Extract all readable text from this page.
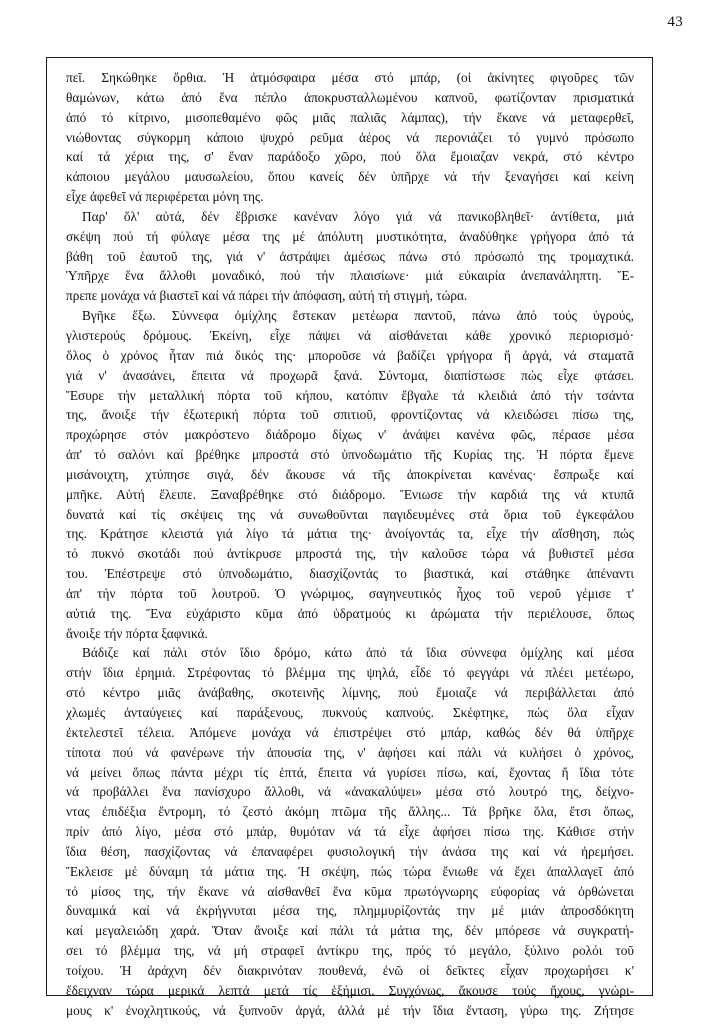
43
πεῖ. Σηκώθηκε ὄρθια. Ἡ ἀτμόσφαιρα μέσα στό μπάρ, (οἱ ἀκίνητες φιγοῦρες τῶν
θαμώνων, κάτω ἀπό ἕνα πέπλο ἀποκρυσταλλωμένου καπνοῦ, φωτίζονταν πρισματικά
ἀπό τό κίτρινο, μισοπεθαμένο φῶς μιᾶς παλιᾶς λάμπας), τήν ἔκανε νά μεταφερθεῖ,
νιώθοντας σύγκορμη κάποιο ψυχρό ρεῦμα ἀέρος νά περονιάζει τό γυμνό πρόσωπο
καί τά χέρια της, σ' ἕναν παράδοξο χῶρο, πού ὅλα ἔμοιαζαν νεκρά, στό κέντρο
κάποιου μεγάλου μαυσωλείου, ὅπου κανείς δέν ὑπῆρχε νά τήν ξεναγήσει καί κείνη
εἶχε ἀφεθεῖ νά περιφέρεται μόνη της.
Παρ' ὅλ' αὐτά, δέν ἔβρισκε κανέναν λόγο γιά νά πανικοβληθεῖ· ἀντίθετα, μιά
σκέψη πού τή φύλαγε μέσα της μέ ἀπόλυτη μυστικότητα, ἀναδύθηκε γρήγορα ἀπό τά
βάθη τοῦ ἑαυτοῦ της, γιά ν' ἀστράψει ἀμέσως πάνω στό πρόσωπό της τρομαχτικά.
Ὑπῆρχε ἕνα ἄλλοθι μοναδικό, πού τήν πλαισίωνε· μιά εὐκαιρία ἀνεπανάληπτη. Ἔ-
πρεπε μονάχα νά βιαστεῖ καί νά πάρει τήν ἀπόφαση, αὐτή τή στιγμή, τώρα.
Βγῆκε ἔξω. Σύννεφα ὀμίχλης ἔστεκαν μετέωρα παντοῦ, πάνω ἀπό τούς ὑγρούς,
γλιστερούς δρόμους. Ἐκείνη, εἶχε πάψει νά αἰσθάνεται κάθε χρονικό περιορισμό·
ὅλος ὁ χρόνος ἦταν πιά δικός της· μποροῦσε νά βαδίζει γρήγορα ἤ ἀργά, νά σταματᾶ
γιά ν' ἀνασάνει, ἔπειτα νά προχωρᾶ ξανά. Σύντομα, διαπίστωσε πώς εἶχε φτάσει.
Ἔσυρε τήν μεταλλική πόρτα τοῦ κήπου, κατόπιν ἔβγαλε τά κλειδιά ἀπό τήν τσάντα
της, ἄνοιξε τήν ἐξωτερική πόρτα τοῦ σπιτιοῦ, φροντίζοντας νά κλειδώσει πίσω της,
προχώρησε στόν μακρόστενο διάδρομο δίχως ν' ἀνάψει κανένα φῶς, πέρασε μέσα
ἀπ' τό σαλόνι καί βρέθηκε μπροστά στό ὑπνοδωμάτιο τῆς Κυρίας της. Ἡ πόρτα ἔμενε
μισάνοιχτη, χτύπησε σιγά, δέν ἄκουσε νά τῆς ἀποκρίνεται κανένας· ἔσπρωξε καί
μπῆκε. Αὐτή ἔλειπε. Ξαναβρέθηκε στό διάδρομο. Ἔνιωσε τήν καρδιά της νά κτυπᾶ
δυνατά καί τίς σκέψεις της νά συνωθοῦνται παγιδευμένες στά ὅρια τοῦ ἐγκεφάλου
της. Κράτησε κλειστά γιά λίγο τά μάτια της· ἀνοίγοντάς τα, εἶχε τήν αἴσθηση, πώς
τό πυκνό σκοτάδι πού ἀντίκρυσε μπροστά της, τήν καλοῦσε τώρα νά βυθιστεῖ μέσα
του. Ἐπέστρεψε στό ὑπνοδωμάτιο, διασχίζοντάς το βιαστικά, καί στάθηκε ἀπέναντι
ἀπ' τήν πόρτα τοῦ λουτροῦ. Ὁ γνώριμος, σαγηνευτικός ἦχος τοῦ νεροῦ γέμισε τ'
αὐτιά της. Ἕνα εὐχάριστο κῦμα ἀπό ὑδρατμούς κι ἀρώματα τήν περιέλουσε, ὅπως
ἄνοιξε τήν πόρτα ξαφνικά.
Βάδιζε καί πάλι στόν ἴδιο δρόμο, κάτω ἀπό τά ἴδια σύννεφα ὀμίχλης καί μέσα
στήν ἴδια ἐρημιά. Στρέφοντας τό βλέμμα της ψηλά, εἶδε τό φεγγάρι νά πλέει μετέωρο,
στό κέντρο μιᾶς ἀνάβαθης, σκοτεινῆς λίμνης, πού ἔμοιαζε νά περιβάλλεται ἀπό
χλωμές ἀνταύγειες καί παράξενους, πυκνούς καπνούς. Σκέφτηκε, πώς ὅλα εἶχαν
ἐκτελεστεῖ τέλεια. Ἀπόμενε μονάχα νά ἐπιστρέψει στό μπάρ, καθώς δέν θά ὑπῆρχε
τίποτα πού νά φανέρωνε τήν ἀπουσία της, ν' ἀφήσει καί πάλι νά κυλήσει ὁ χρόνος,
νά μείνει ὅπως πάντα μέχρι τίς ἑπτά, ἔπειτα νά γυρίσει πίσω, καί, ἔχοντας ἤ ἴδια τότε
νά προβάλλει ἕνα πανίσχυρο ἄλλοθι, νά «ἀνακαλύψει» μέσα στό λουτρό της, δείχνο-
ντας ἐπιδέξια ἔντρομη, τό ζεστό ἀκόμη πτῶμα τῆς ἄλλης... Τά βρῆκε ὅλα, ἔτσι ὅπως,
πρίν ἀπό λίγο, μέσα στό μπάρ, θυμόταν νά τά εἶχε ἀφήσει πίσω της. Κάθισε στήν
ἴδια θέση, πασχίζοντας νά ἐπαναφέρει φυσιολογική τήν ἀνάσα της καί νά ἠρεμήσει.
Ἔκλεισε μέ δύναμη τά μάτια της. Ἡ σκέψη, πώς τώρα ἔνιωθε νά ἔχει ἀπαλλαγεῖ ἀπό
τό μίσος της, τήν ἔκανε νά αἰσθανθεῖ ἕνα κῦμα πρωτόγνωρης εὐφορίας νά ὀρθώνεται
δυναμικά καί νά ἐκρήγνυται μέσα της, πλημμυρίζοντάς την μέ μιάν ἀπροσδόκητη
καί μεγαλειώδη χαρά. Ὅταν ἄνοιξε καί πάλι τά μάτια της, δέν μπόρεσε νά συγκρατή-
σει τό βλέμμα της, νά μή στραφεῖ ἀντίκρυ της, πρός τό μεγάλο, ξύλινο ρολόι τοῦ
τοίχου. Ἡ ἀράχνη δέν διακρινόταν πουθενά, ἐνῶ οἱ δεῖκτες εἶχαν προχωρήσει κ'
ἔδειχναν τώρα μερικά λεπτά μετά τίς ἑξήμισι. Συγχόνως, ἄκουσε τούς ἤχους, γνώρι-
μους κ' ἐνοχλητικούς, νά ξυπνοῦν ἀργά, ἀλλά μέ τήν ἴδια ἔνταση, γύρω της. Ζήτησε
